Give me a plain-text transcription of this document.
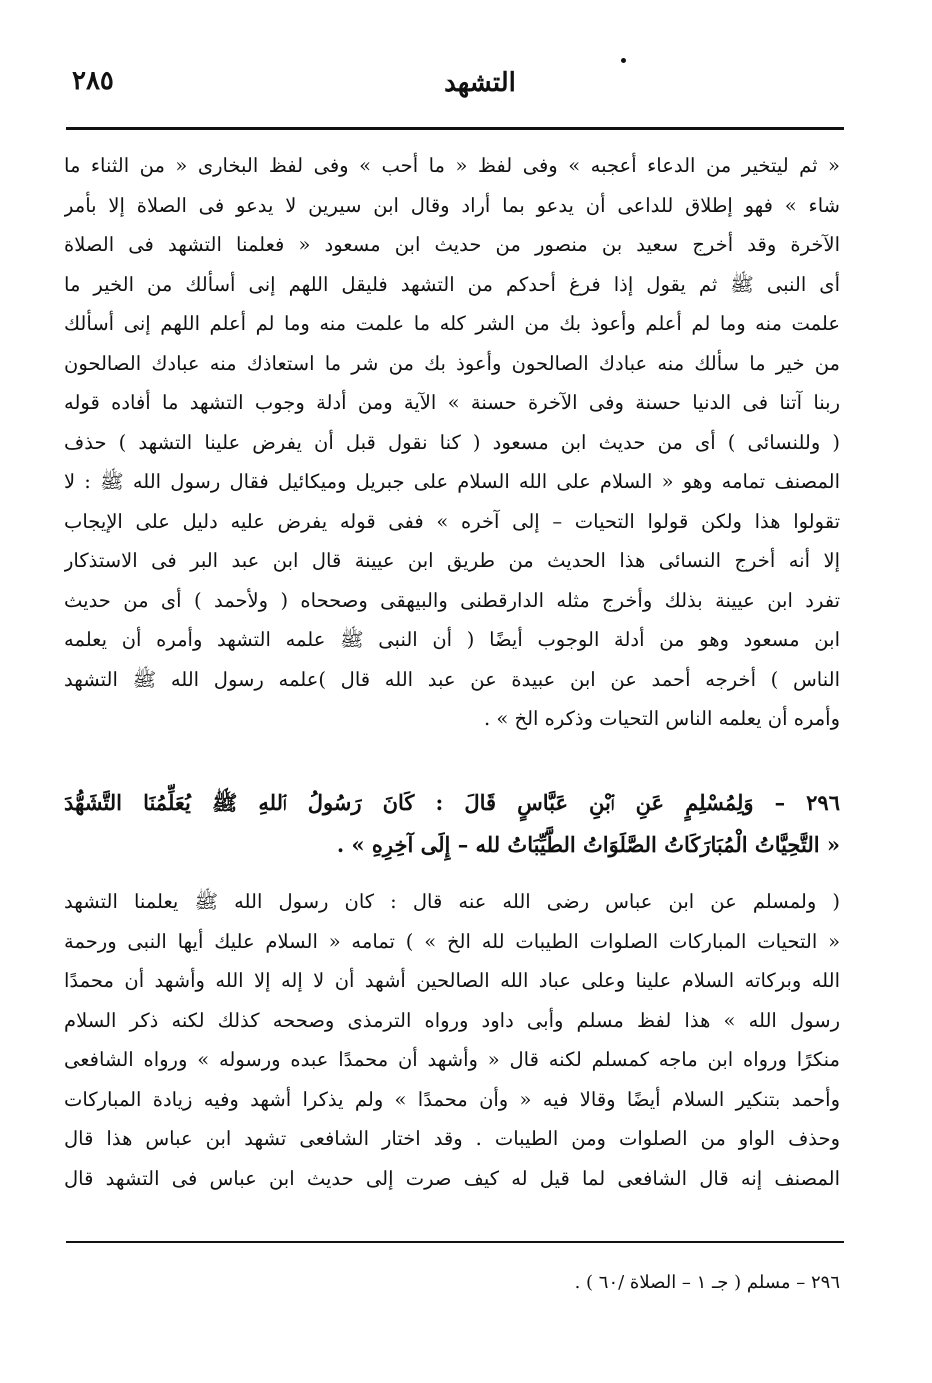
التشهد
٢٨٥
« ثم ليتخير من الدعاء أعجبه » وفى لفظ « ما أحب » وفى لفظ البخارى « من الثناء ما
شاء » فهو إطلاق للداعى أن يدعو بما أراد وقال ابن سيرين لا يدعو فى الصلاة إلا بأمر
الآخرة وقد أخرج سعيد بن منصور من حديث ابن مسعود « فعلمنا التشهد فى الصلاة
أى النبى ﷺ ثم يقول إذا فرغ أحدكم من التشهد فليقل اللهم إنى أسألك من الخير ما
علمت منه وما لم أعلم وأعوذ بك من الشر كله ما علمت منه وما لم أعلم اللهم إنى أسألك
من خير ما سألك منه عبادك الصالحون وأعوذ بك من شر ما استعاذك منه عبادك الصالحون
ربنا آتنا فى الدنيا حسنة وفى الآخرة حسنة » الآية ومن أدلة وجوب التشهد ما أفاده قوله
( وللنسائى ) أى من حديث ابن مسعود ( كنا نقول قبل أن يفرض علينا التشهد ) حذف
المصنف تمامه وهو « السلام على الله السلام على جبريل وميكائيل فقال رسول الله ﷺ : لا
تقولوا هذا ولكن قولوا التحيات – إلى آخره » ففى قوله يفرض عليه دليل على الإيجاب
إلا أنه أخرج النسائى هذا الحديث من طريق ابن عيينة قال ابن عبد البر فى الاستذكار
تفرد ابن عيينة بذلك وأخرج مثله الدارقطنى والبيهقى وصححاه ( ولأحمد ) أى من حديث
ابن مسعود وهو من أدلة الوجوب أيضًا ( أن النبى ﷺ علمه التشهد وأمره أن يعلمه
الناس ) أخرجه أحمد عن ابن عبيدة عن عبد الله قال )علمه رسول الله ﷺ التشهد
وأمره أن يعلمه الناس التحيات وذكره الخ » .
٢٩٦ – وَلِمُسْلِمٍ عَنِ ٱبْنِ عَبَّاسٍ قَالَ : كَانَ رَسُولُ ٱللهِ ﷺ يُعَلِّمُنَا التَّشَهُّدَ
« التَّحِيَّاتُ الْمُبَارَكَاتُ الصَّلَوَاتُ الطَّيِّبَاتُ لله – إِلَى آخِرِهِ » .
( ولمسلم عن ابن عباس رضى الله عنه قال : كان رسول الله ﷺ يعلمنا التشهد
« التحيات المباركات الصلوات الطيبات لله الخ » ) تمامه « السلام عليك أيها النبى ورحمة
الله وبركاته السلام علينا وعلى عباد الله الصالحين أشهد أن لا إله إلا الله وأشهد أن محمدًا
رسول الله » هذا لفظ مسلم وأبى داود ورواه الترمذى وصححه كذلك لكنه ذكر السلام
منكرًا ورواه ابن ماجه كمسلم لكنه قال « وأشهد أن محمدًا عبده ورسوله » ورواه الشافعى
وأحمد بتنكير السلام أيضًا وقالا فيه « وأن محمدًا » ولم يذكرا أشهد وفيه زيادة المباركات
وحذف الواو من الصلوات ومن الطيبات . وقد اختار الشافعى تشهد ابن عباس هذا قال
المصنف إنه قال الشافعى لما قيل له كيف صرت إلى حديث ابن عباس فى التشهد قال
٢٩٦ – مسلم ( جـ ١ – الصلاة /٦٠ ) .
